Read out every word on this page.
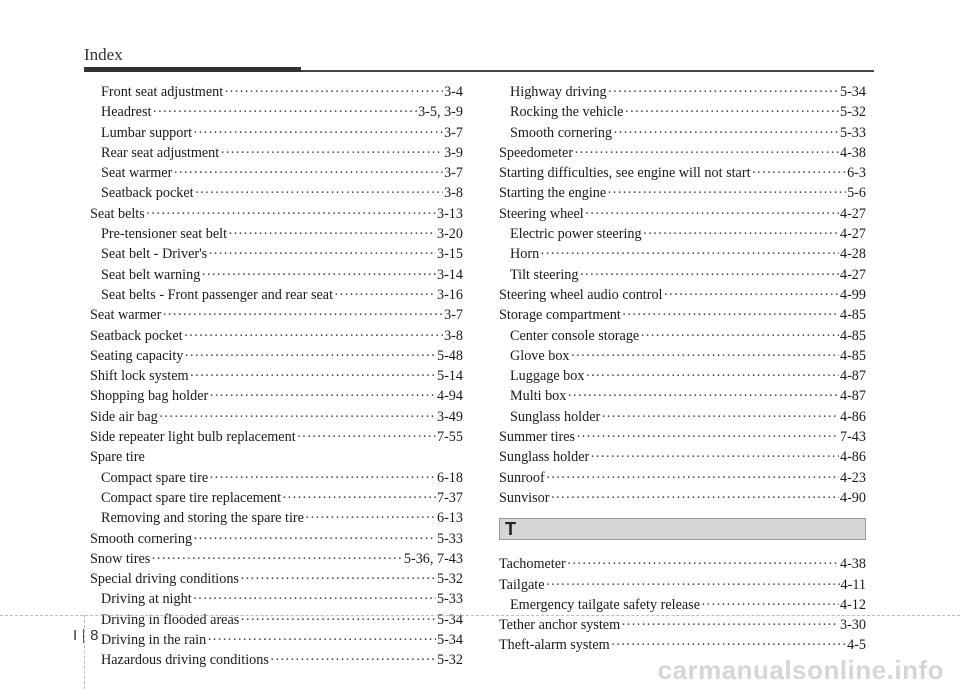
Index
Front seat adjustment ·····	3-4
Headrest ·····	3-5, 3-9
Lumbar support ·····	3-7
Rear seat adjustment ·····	3-9
Seat warmer ·····	3-7
Seatback pocket ·····	3-8
Seat belts ·····	3-13
Pre-tensioner seat belt ·····	3-20
Seat belt - Driver's ·····	3-15
Seat belt warning ·····	3-14
Seat belts - Front passenger and rear seat ·····	3-16
Seat warmer ·····	3-7
Seatback pocket ·····	3-8
Seating capacity ·····	5-48
Shift lock system ·····	5-14
Shopping bag holder ·····	4-94
Side air bag ·····	3-49
Side repeater light bulb replacement ·····	7-55
Spare tire
Compact spare tire ·····	6-18
Compact spare tire replacement ·····	7-37
Removing and storing the spare tire ·····	6-13
Smooth cornering ·····	5-33
Snow tires ·····	5-36, 7-43
Special driving conditions ·····	5-32
Driving at night ·····	5-33
Driving in flooded areas ·····	5-34
Driving in the rain ·····	5-34
Hazardous driving conditions ·····	5-32
Highway driving ·····	5-34
Rocking the vehicle ·····	5-32
Smooth cornering ·····	5-33
Speedometer ·····	4-38
Starting difficulties, see engine will not start ·····	6-3
Starting the engine ·····	5-6
Steering wheel ·····	4-27
Electric power steering ·····	4-27
Horn ·····	4-28
Tilt steering ·····	4-27
Steering wheel audio control ·····	4-99
Storage compartment ·····	4-85
Center console storage ·····	4-85
Glove box ·····	4-85
Luggage box ·····	4-87
Multi box ·····	4-87
Sunglass holder ·····	4-86
Summer tires ·····	7-43
Sunglass holder ·····	4-86
Sunroof ·····	4-23
Sunvisor ·····	4-90
T
Tachometer ·····	4-38
Tailgate ·····	4-11
Emergency tailgate safety release ·····	4-12
Tether anchor system ·····	3-30
Theft-alarm system ·····	4-5
I 8
carmanualsonline.info
